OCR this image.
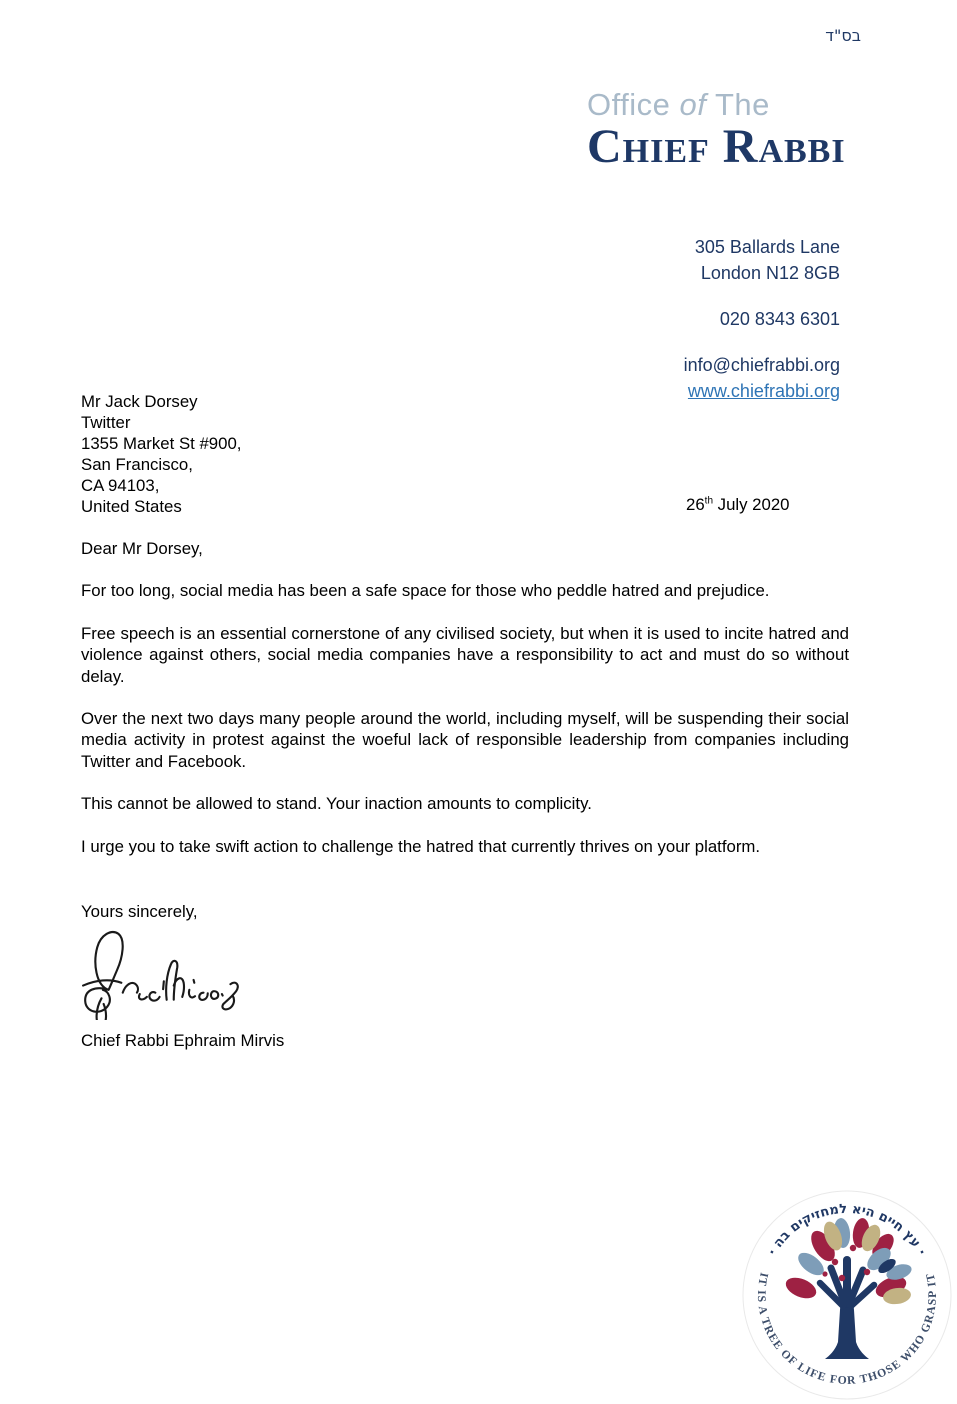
בס"ד
Office of The
Chief Rabbi
305 Ballards Lane
London N12 8GB
020 8343 6301
info@chiefrabbi.org
www.chiefrabbi.org
Mr Jack Dorsey
Twitter
1355 Market St #900,
San Francisco,
CA 94103,
United States	26th July 2020
Dear Mr Dorsey,

For too long, social media has been a safe space for those who peddle hatred and prejudice.

Free speech is an essential cornerstone of any civilised society, but when it is used to incite hatred and violence against others, social media companies have a responsibility to act and must do so without delay.

Over the next two days many people around the world, including myself, will be suspending their social media activity in protest against the woeful lack of responsible leadership from companies including Twitter and Facebook.

This cannot be allowed to stand. Your inaction amounts to complicity.

I urge you to take swift action to challenge the hatred that currently thrives on your platform.

Yours sincerely,
Chief Rabbi Ephraim Mirvis
· עץ חיים היא למחזיקים בה ·
IT IS A TREE OF LIFE FOR THOSE WHO GRASP IT
